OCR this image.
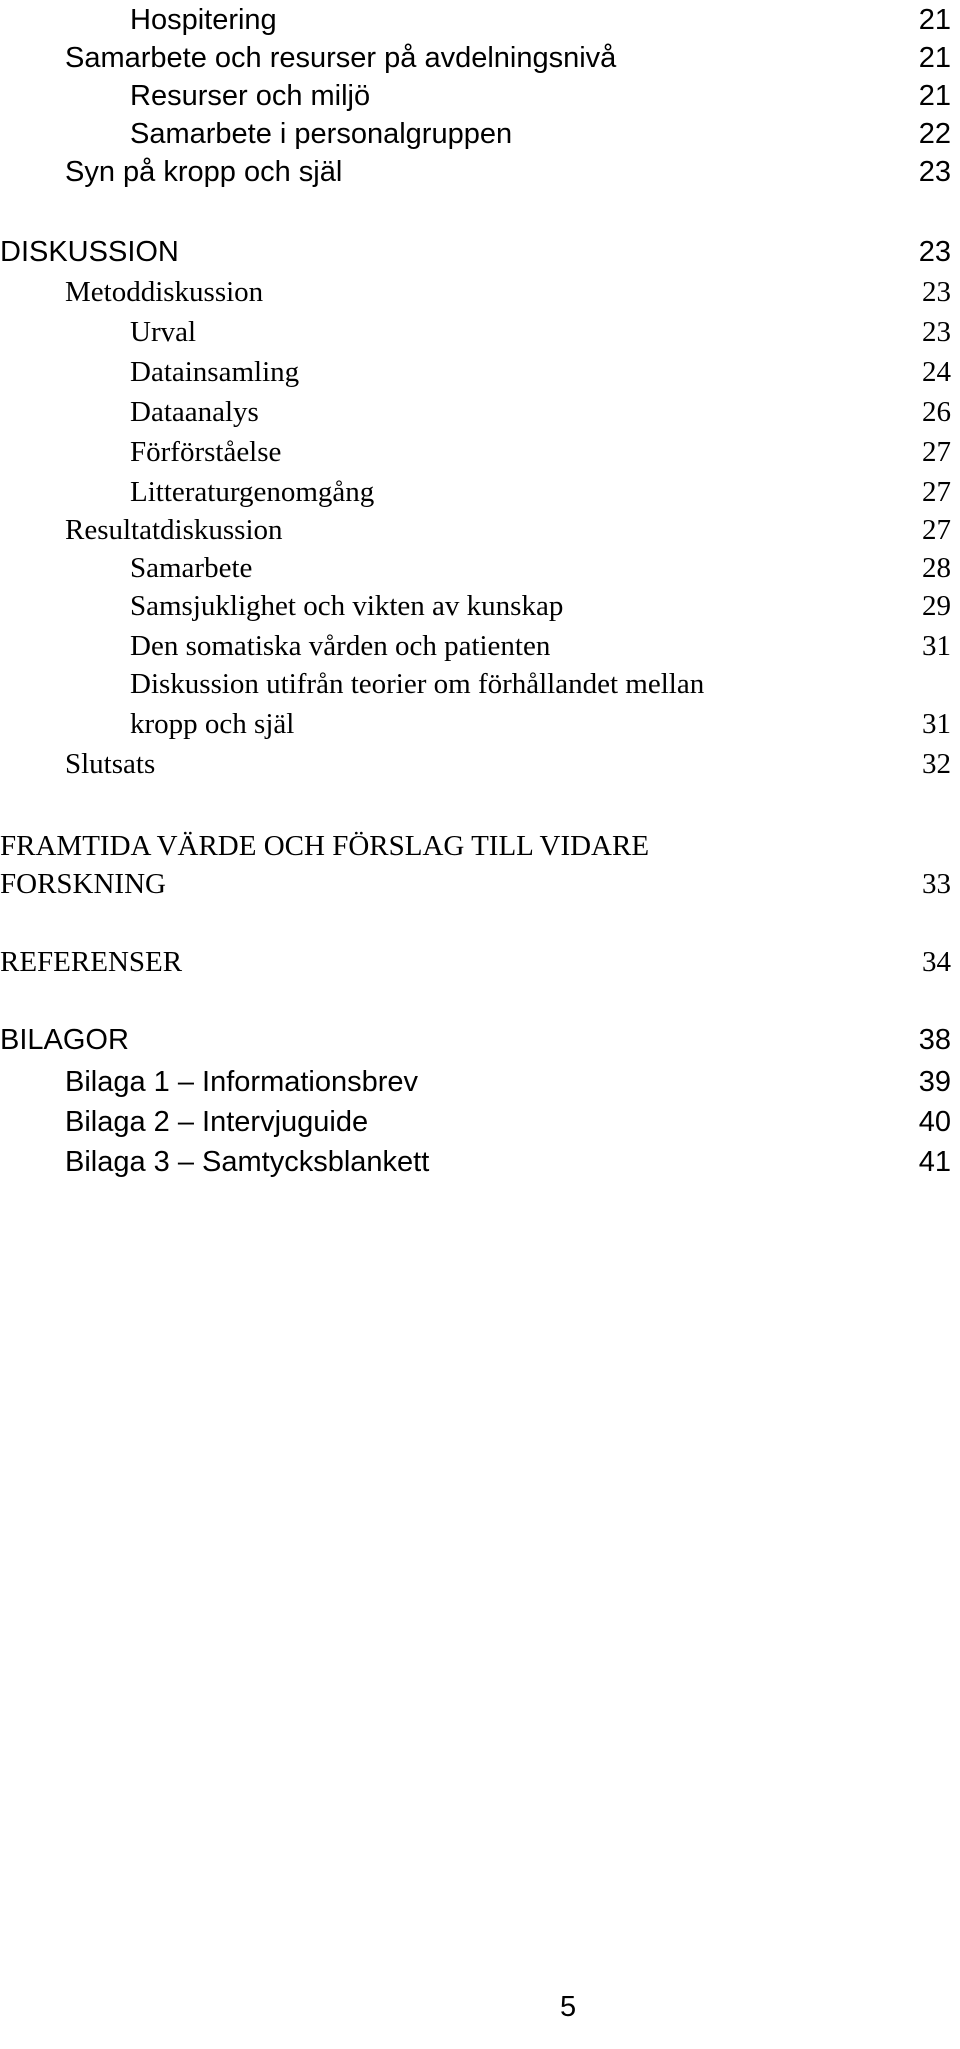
Hospitering	21
Samarbete och resurser på avdelningsnivå	21
Resurser och miljö	21
Samarbete i personalgruppen	22
Syn på kropp och själ	23
DISKUSSION	23
Metoddiskussion	23
Urval	23
Datainsamling	24
Dataanalys	26
Förförståelse	27
Litteraturgenomgång	27
Resultatdiskussion	27
Samarbete	28
Samsjuklighet och vikten av kunskap	29
Den somatiska vården och patienten	31
Diskussion utifrån teorier om förhållandet mellan
kropp och själ	31
Slutsats	32
FRAMTIDA VÄRDE OCH FÖRSLAG TILL VIDARE
FORSKNING	33
REFERENSER	34
BILAGOR	38
Bilaga 1 – Informationsbrev	39
Bilaga 2 – Intervjuguide	40
Bilaga 3 – Samtycksblankett	41
5
